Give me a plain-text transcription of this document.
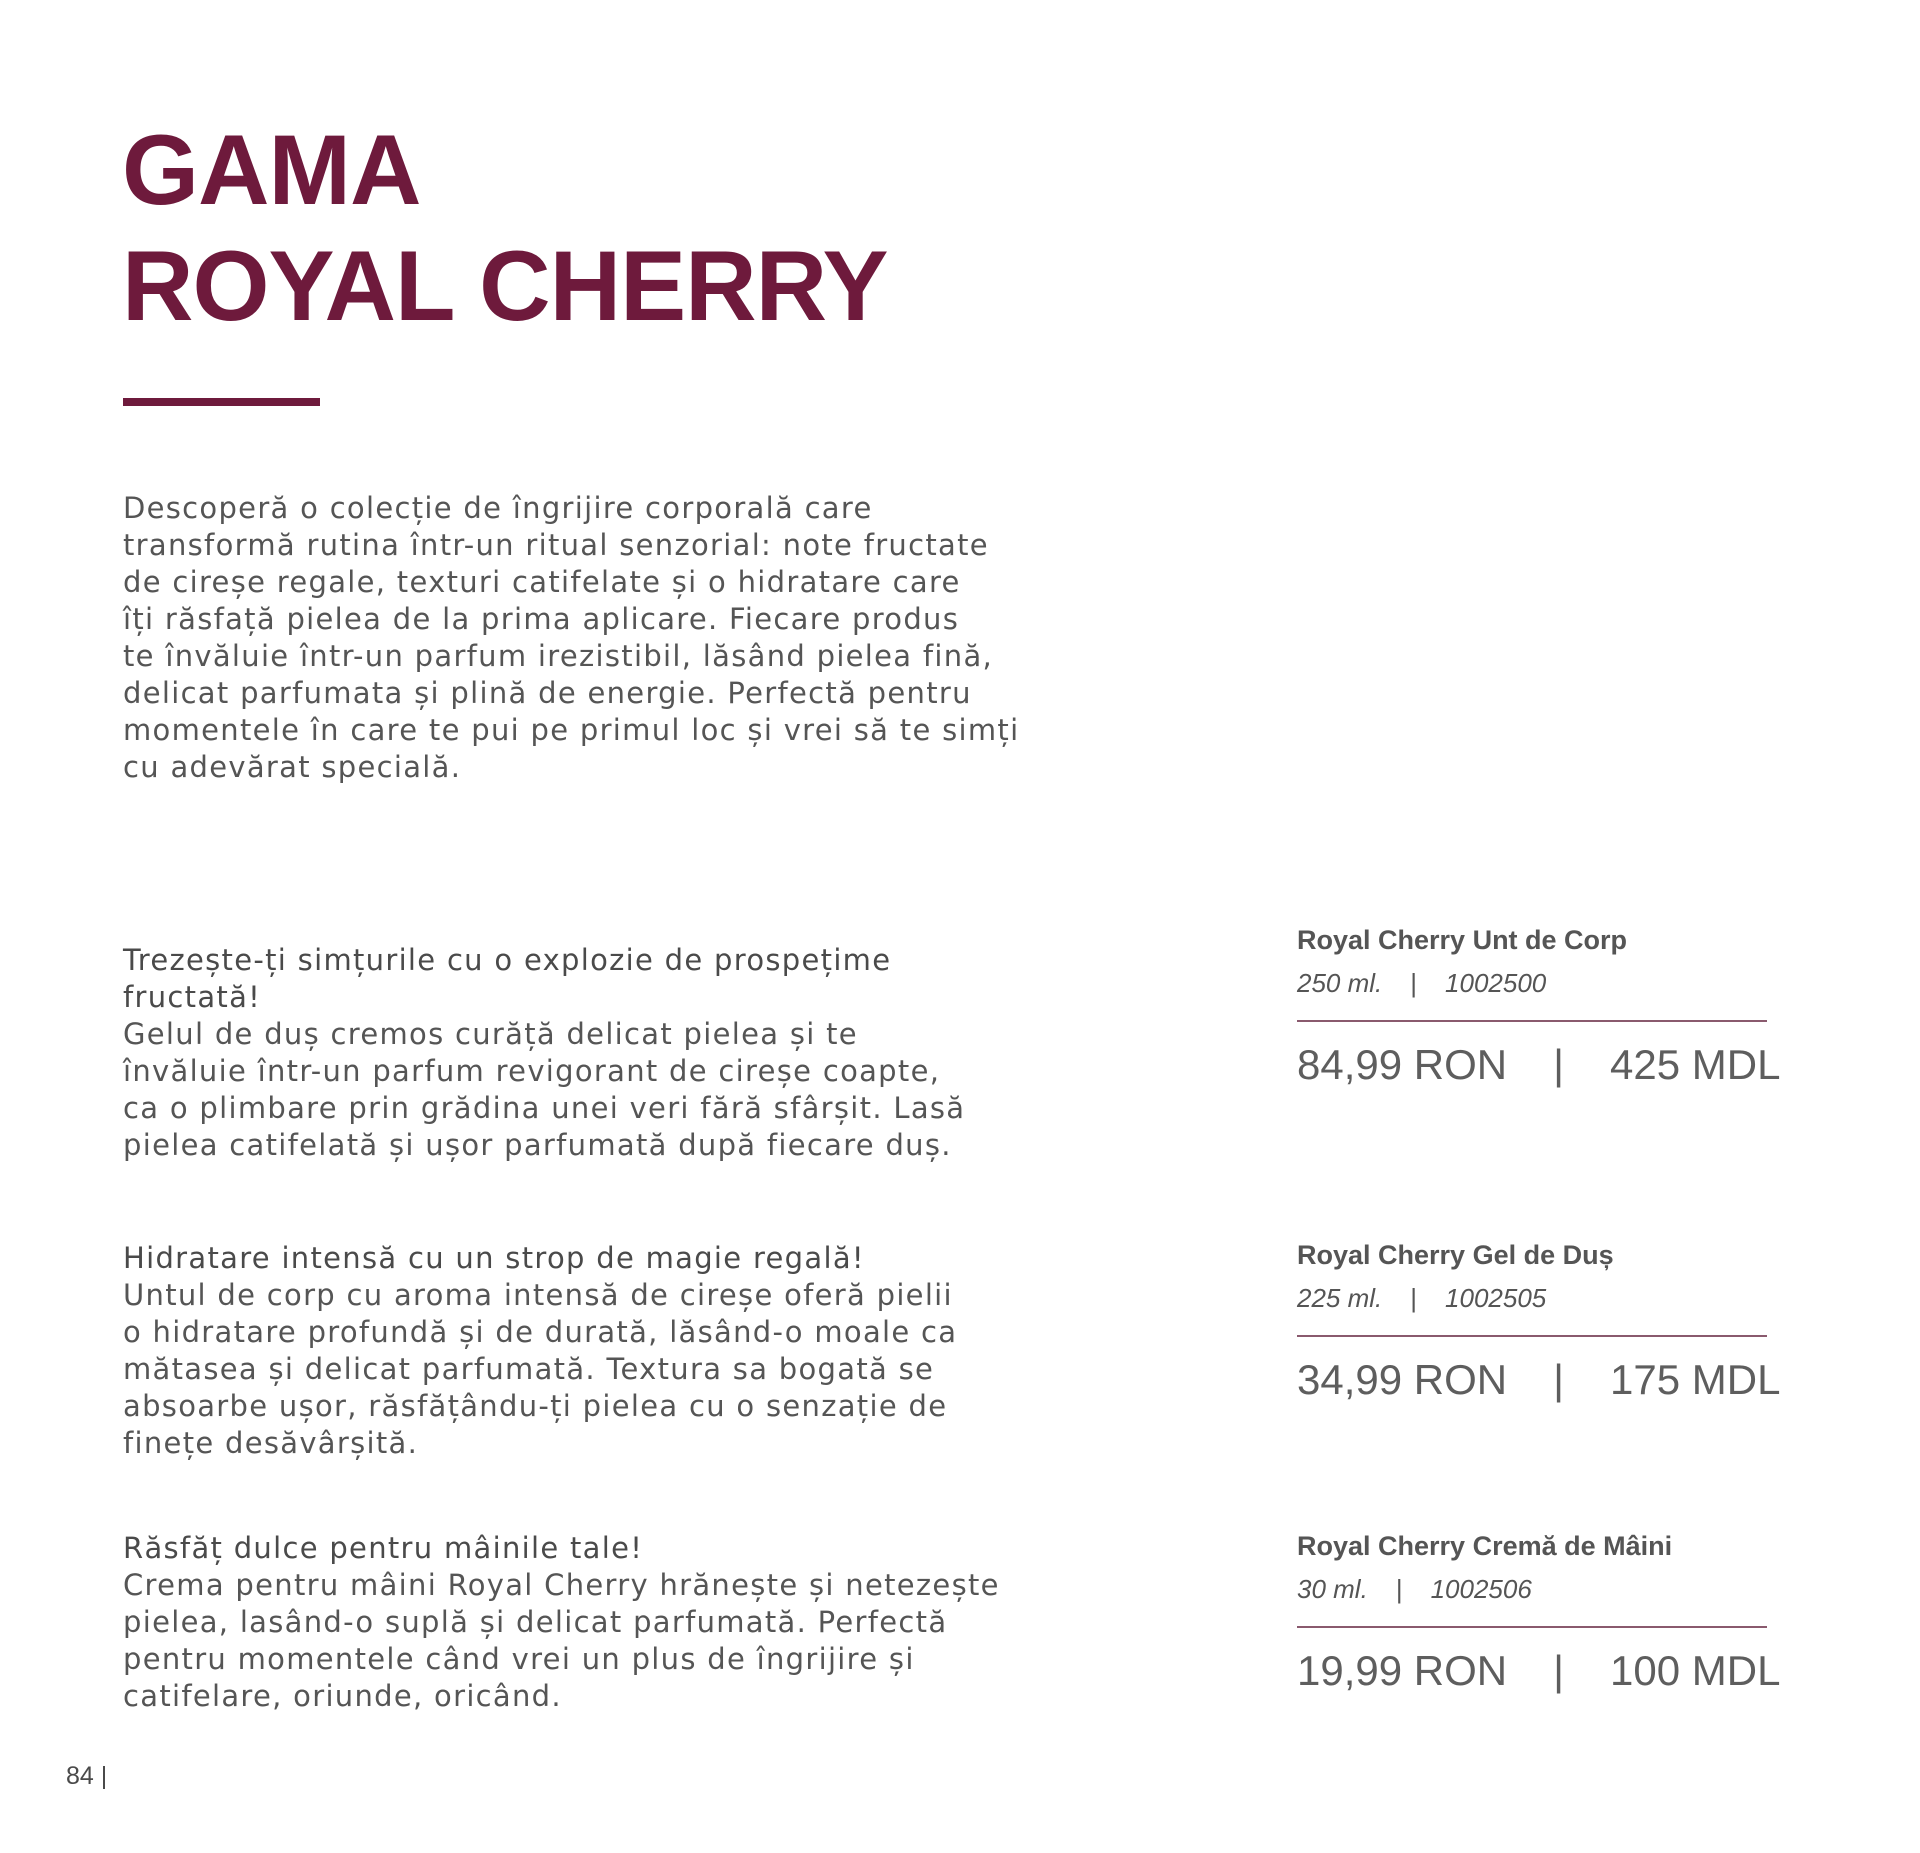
GAMA
ROYAL CHERRY

Descoperă o colecție de îngrijire corporală care
transformă rutina într-un ritual senzorial: note fructate
de cireșe regale, texturi catifelate și o hidratare care
îți răsfață pielea de la prima aplicare. Fiecare produs
te învăluie într-un parfum irezistibil, lăsând pielea fină,
delicat parfumata și plină de energie. Perfectă pentru
momentele în care te pui pe primul loc și vrei să te simți
cu adevărat specială.

Trezește-ți simțurile cu o explozie de prospețime
fructată!
Gelul de duș cremos curăță delicat pielea și te
învăluie într-un parfum revigorant de cireșe coapte,
ca o plimbare prin grădina unei veri fără sfârșit. Lasă
pielea catifelată și ușor parfumată după fiecare duș.
Hidratare intensă cu un strop de magie regală!
Untul de corp cu aroma intensă de cireșe oferă pielii
o hidratare profundă și de durată, lăsând-o moale ca
mătasea și delicat parfumată. Textura sa bogată se
absoarbe ușor, răsfățându-ți pielea cu o senzație de
finețe desăvârșită.
Răsfăț dulce pentru mâinile tale!
Crema pentru mâini Royal Cherry hrănește și netezește
pielea, lasând-o suplă și delicat parfumată. Perfectă
pentru momentele când vrei un plus de îngrijire și
catifelare, oriunde, oricând.
Royal Cherry Unt de Corp
250 ml. | 1002500
84,99 RON | 425 MDL
Royal Cherry Gel de Duș
225 ml. | 1002505
34,99 RON | 175 MDL
Royal Cherry Cremă de Mâini
30 ml. | 1002506
19,99 RON | 100 MDL
84 |
